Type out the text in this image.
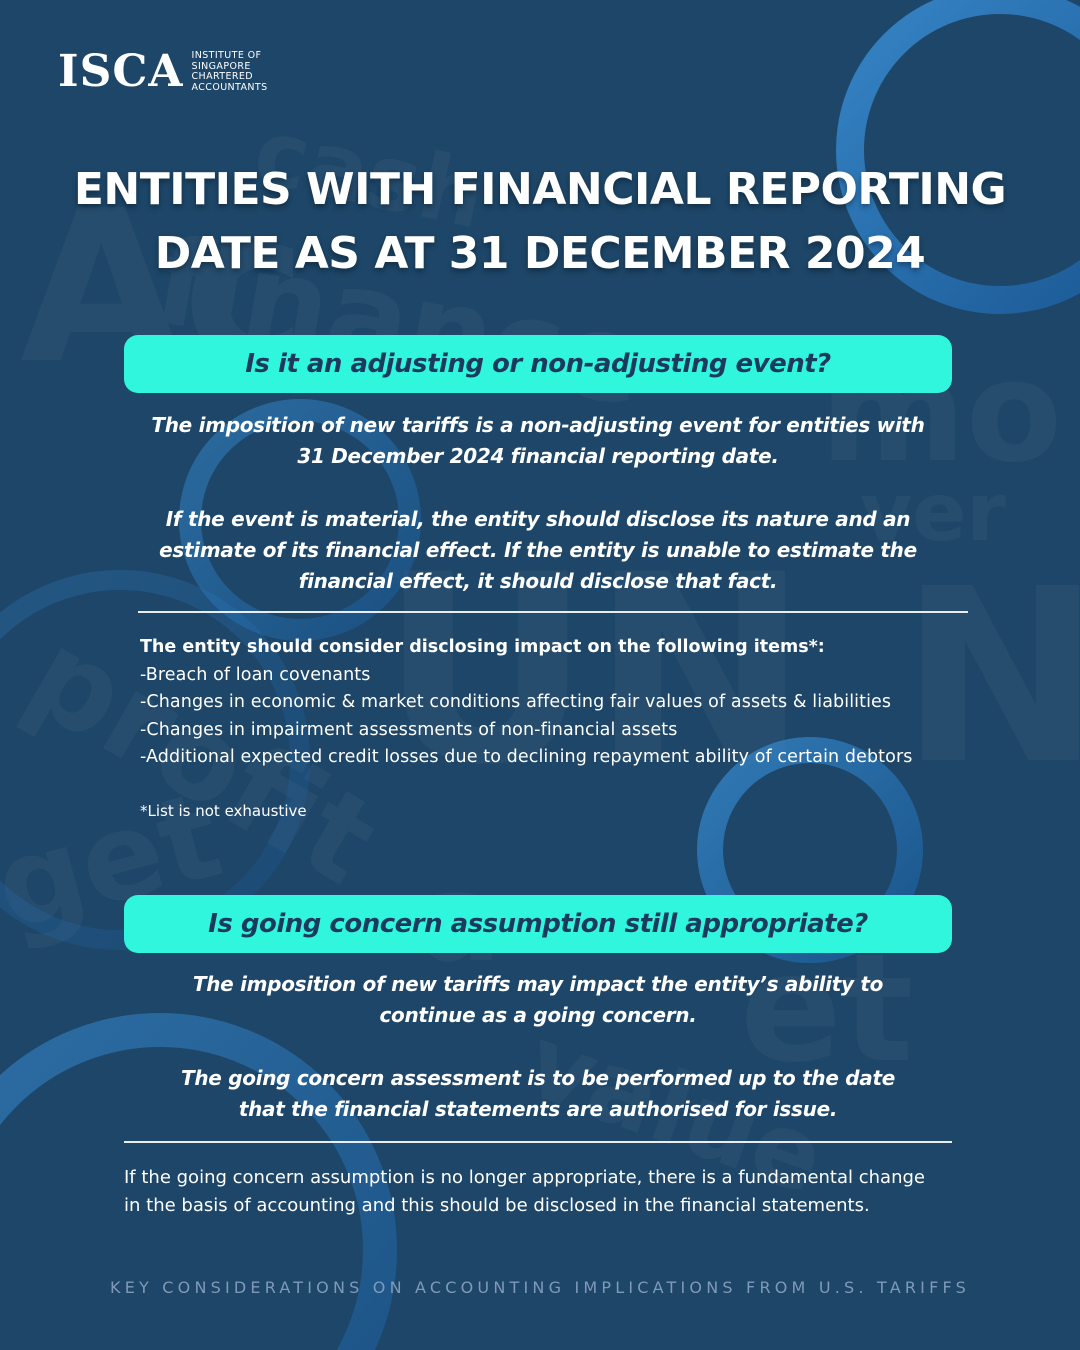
ISCA INSTITUTE OF
SINGAPORE
CHARTERED
ACCOUNTANTS
ENTITIES WITH FINANCIAL REPORTING
DATE AS AT 31 DECEMBER 2024
Is it an adjusting or non-adjusting event?

The imposition of new tariffs is a non-adjusting event for entities with
31 December 2024 financial reporting date.

If the event is material, the entity should disclose its nature and an
estimate of its financial effect. If the entity is unable to estimate the
financial effect, it should disclose that fact.

The entity should consider disclosing impact on the following items*:

-Breach of loan covenants

-Changes in economic & market conditions affecting fair values of assets & liabilities

-Changes in impairment assessments of non-financial assets

-Additional expected credit losses due to declining repayment ability of certain debtors

*List is not exhaustive
Is going concern assumption still appropriate?

The imposition of new tariffs may impact the entity’s ability to
continue as a going concern.

The going concern assessment is to be performed up to the date
that the financial statements are authorised for issue.

If the going concern assumption is no longer appropriate, there is a fundamental change
in the basis of accounting and this should be disclosed in the financial statements.

KEY CONSIDERATIONS ON ACCOUNTING IMPLICATIONS FROM U.S. TARIFFS
